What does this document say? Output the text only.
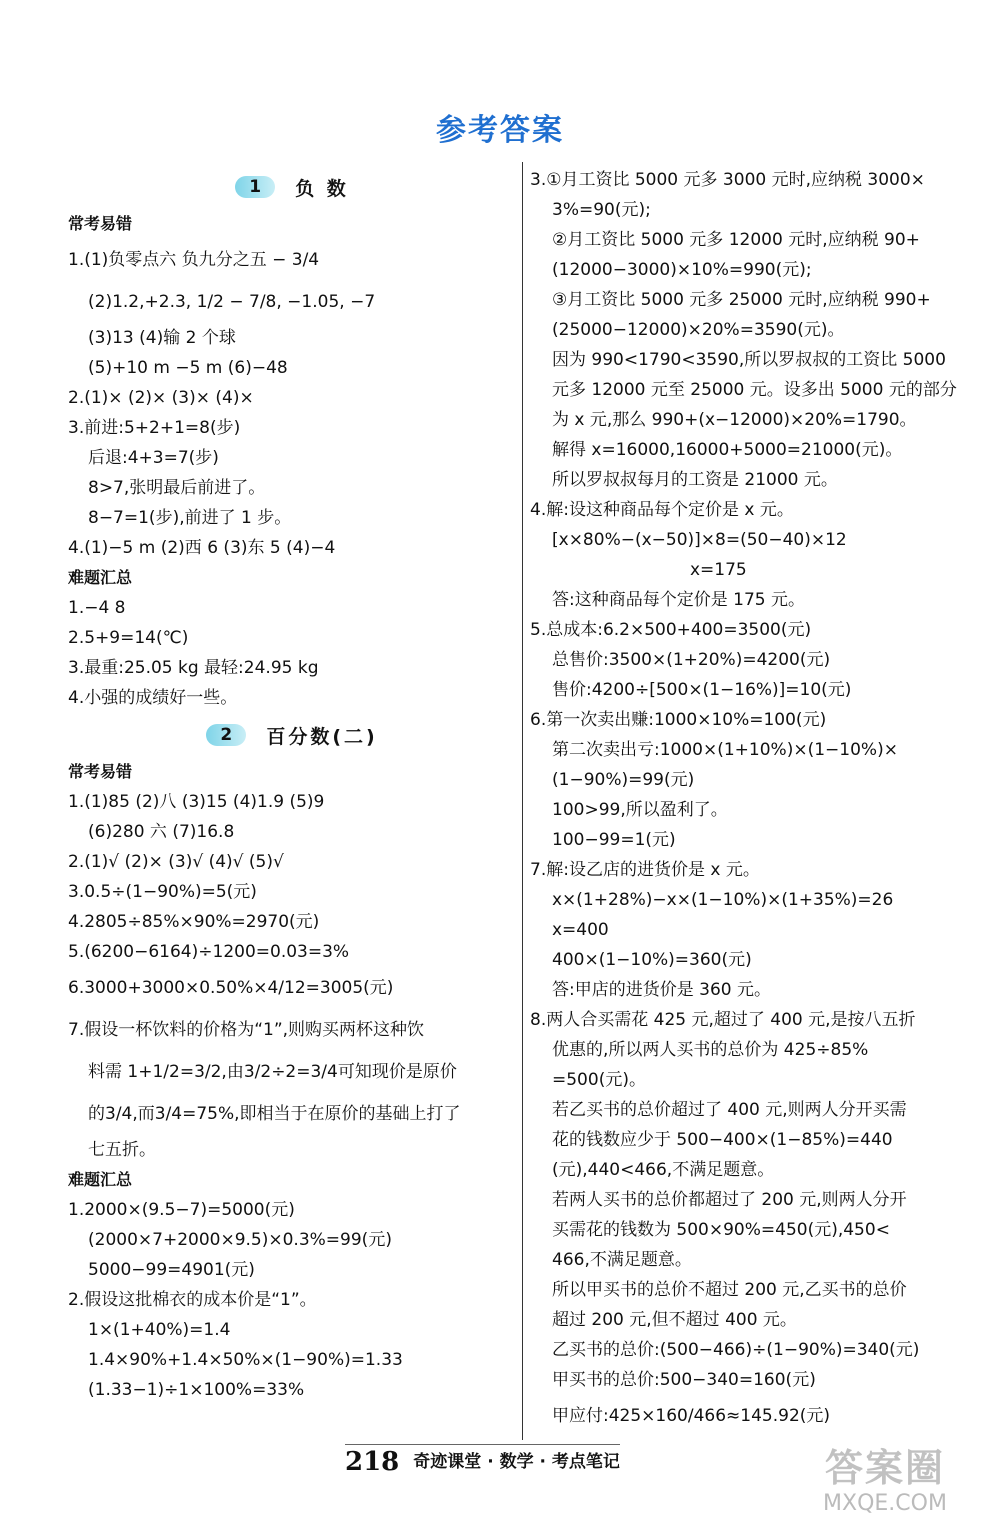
参考答案
1	负 数
常考易错
1.(1)负零点六 负九分之五 − 3/4
(2)1.2,+2.3, 1/2 − 7/8, −1.05, −7
(3)13 (4)输 2 个球
(5)+10 m −5 m (6)−48
2.(1)× (2)× (3)× (4)×
3.前进:5+2+1=8(步)
后退:4+3=7(步)
8>7,张明最后前进了。
8−7=1(步),前进了 1 步。
4.(1)−5 m (2)西 6 (3)东 5 (4)−4
难题汇总
1.−4 8
2.5+9=14(℃)
3.最重:25.05 kg 最轻:24.95 kg
4.小强的成绩好一些。
2	百分数(二)
常考易错
1.(1)85 (2)八 (3)15 (4)1.9 (5)9
(6)280 六 (7)16.8
2.(1)√ (2)× (3)√ (4)√ (5)√
3.0.5÷(1−90%)=5(元)
4.2805÷85%×90%=2970(元)
5.(6200−6164)÷1200=0.03=3%
6.3000+3000×0.50%×4/12=3005(元)
7.假设一杯饮料的价格为“1”,则购买两杯这种饮
料需 1+1/2=3/2,由3/2÷2=3/4可知现价是原价
的3/4,而3/4=75%,即相当于在原价的基础上打了
七五折。
难题汇总
1.2000×(9.5−7)=5000(元)
(2000×7+2000×9.5)×0.3%=99(元)
5000−99=4901(元)
2.假设这批棉衣的成本价是“1”。
1×(1+40%)=1.4
1.4×90%+1.4×50%×(1−90%)=1.33
(1.33−1)÷1×100%=33%
3.①月工资比 5000 元多 3000 元时,应纳税 3000×
3%=90(元);
②月工资比 5000 元多 12000 元时,应纳税 90+
(12000−3000)×10%=990(元);
③月工资比 5000 元多 25000 元时,应纳税 990+
(25000−12000)×20%=3590(元)。
因为 990<1790<3590,所以罗叔叔的工资比 5000
元多 12000 元至 25000 元。设多出 5000 元的部分
为 x 元,那么 990+(x−12000)×20%=1790。
解得 x=16000,16000+5000=21000(元)。
所以罗叔叔每月的工资是 21000 元。
4.解:设这种商品每个定价是 x 元。
[x×80%−(x−50)]×8=(50−40)×12
x=175
答:这种商品每个定价是 175 元。
5.总成本:6.2×500+400=3500(元)
总售价:3500×(1+20%)=4200(元)
售价:4200÷[500×(1−16%)]=10(元)
6.第一次卖出赚:1000×10%=100(元)
第二次卖出亏:1000×(1+10%)×(1−10%)×
(1−90%)=99(元)
100>99,所以盈利了。
100−99=1(元)
7.解:设乙店的进货价是 x 元。
x×(1+28%)−x×(1−10%)×(1+35%)=26
x=400
400×(1−10%)=360(元)
答:甲店的进货价是 360 元。
8.两人合买需花 425 元,超过了 400 元,是按八五折
优惠的,所以两人买书的总价为 425÷85%
=500(元)。
若乙买书的总价超过了 400 元,则两人分开买需
花的钱数应少于 500−400×(1−85%)=440
(元),440<466,不满足题意。
若两人买书的总价都超过了 200 元,则两人分开
买需花的钱数为 500×90%=450(元),450<
466,不满足题意。
所以甲买书的总价不超过 200 元,乙买书的总价
超过 200 元,但不超过 400 元。
乙买书的总价:(500−466)÷(1−90%)=340(元)
甲买书的总价:500−340=160(元)
甲应付:425×160/466≈145.92(元)
218 奇迹课堂 · 数学 · 考点笔记	答案圈
MXQE.COM
